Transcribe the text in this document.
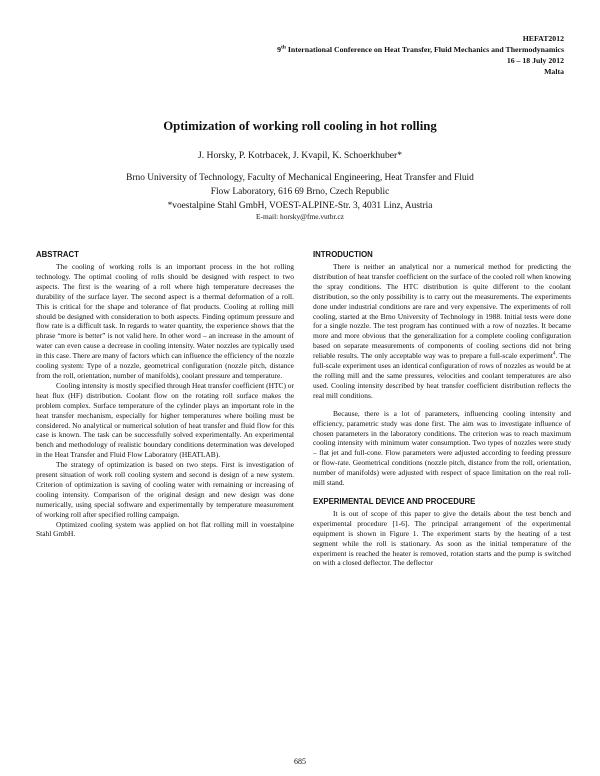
HEFAT2012
9th International Conference on Heat Transfer, Fluid Mechanics and Thermodynamics
16 – 18 July 2012
Malta
Optimization of working roll cooling in hot rolling
J. Horsky, P. Kotrbacek, J. Kvapil, K. Schoerkhuber*
Brno University of Technology, Faculty of Mechanical Engineering, Heat Transfer and Fluid
Flow Laboratory, 616 69 Brno, Czech Republic
*voestalpine Stahl GmbH, VOEST-ALPINE-Str. 3, 4031 Linz, Austria
E-mail: horsky@fme.vutbr.cz
ABSTRACT

The cooling of working rolls is an important process in the hot rolling technology. The optimal cooling of rolls should be designed with respect to two aspects. The first is the wearing of a roll where high temperature decreases the durability of the surface layer. The second aspect is a thermal deformation of a roll. This is critical for the shape and tolerance of flat products. Cooling at rolling mill should be designed with consideration to both aspects. Finding optimum pressure and flow rate is a difficult task. In regards to water quantity, the experience shows that the phrase “more is better” is not valid here. In other word – an increase in the amount of water can even cause a decrease in cooling intensity. Water nozzles are typically used in this case. There are many of factors which can influence the efficiency of the nozzle cooling system: Type of a nozzle, geometrical configuration (nozzle pitch, distance from the roll, orientation, number of manifolds), coolant pressure and temperature.

Cooling intensity is mostly specified through Heat transfer coefficient (HTC) or heat flux (HF) distribution. Coolant flow on the rotating roll surface makes the problem complex. Surface temperature of the cylinder plays an important role in the heat transfer mechanism, especially for higher temperatures where boiling must be considered. No analytical or numerical solution of heat transfer and fluid flow for this case is known. The task can be successfully solved experimentally. An experimental bench and methodology of realistic boundary conditions determination was developed in the Heat Transfer and Fluid Flow Laboratory (HEATLAB).

The strategy of optimization is based on two steps. First is investigation of present situation of work roll cooling system and second is design of a new system. Criterion of optimization is saving of cooling water with remaining or increasing of cooling intensity. Comparison of the original design and new design was done numerically, using special software and experimentally by temperature measurement of working roll after specified rolling campaign.

Optimized cooling system was applied on hot flat rolling mill in voestalpine Stahl GmbH.

INTRODUCTION

There is neither an analytical nor a numerical method for predicting the distribution of heat transfer coefficient on the surface of the cooled roll when knowing the spray conditions. The HTC distribution is quite different to the coolant distribution, so the only possibility is to carry out the measurements. The experiments done under industrial conditions are rare and very expensive. The experiments of roll cooling, started at the Brno University of Technology in 1988. Initial tests were done for a single nozzle. The test program has continued with a row of nozzles. It became more and more obvious that the generalization for a complete cooling configuration based on separate measurements of components of cooling sections did not bring reliable results. The only acceptable way was to prepare a full-scale experiment$^4$. The full-scale experiment uses an identical configuration of rows of nozzles as would be at the rolling mill and the same pressures, velocities and coolant temperatures are also used. Cooling intensity described by heat transfer coefficient distribution reflects the real mill conditions.

Because, there is a lot of parameters, influencing cooling intensity and efficiency, parametric study was done first. The aim was to investigate influence of chosen parameters in the laboratory conditions. The criterion was to reach maximum cooling intensity with minimum water consumption. Two types of nozzles were study – flat jet and full-cone. Flow parameters were adjusted according to feeding pressure or flow-rate. Geometrical conditions (nozzle pitch, distance from the roll, orientation, number of manifolds) were adjusted with respect of space limitation on the real roll-mill stand.

EXPERIMENTAL DEVICE AND PROCEDURE

It is out of scope of this paper to give the details about the test bench and experimental procedure [1-6]. The principal arrangement of the experimental equipment is shown in Figure 1. The experiment starts by the heating of a test segment while the roll is stationary. As soon as the initial temperature of the experiment is reached the heater is removed, rotation starts and the pump is switched on with a closed deflector. The deflector

685
